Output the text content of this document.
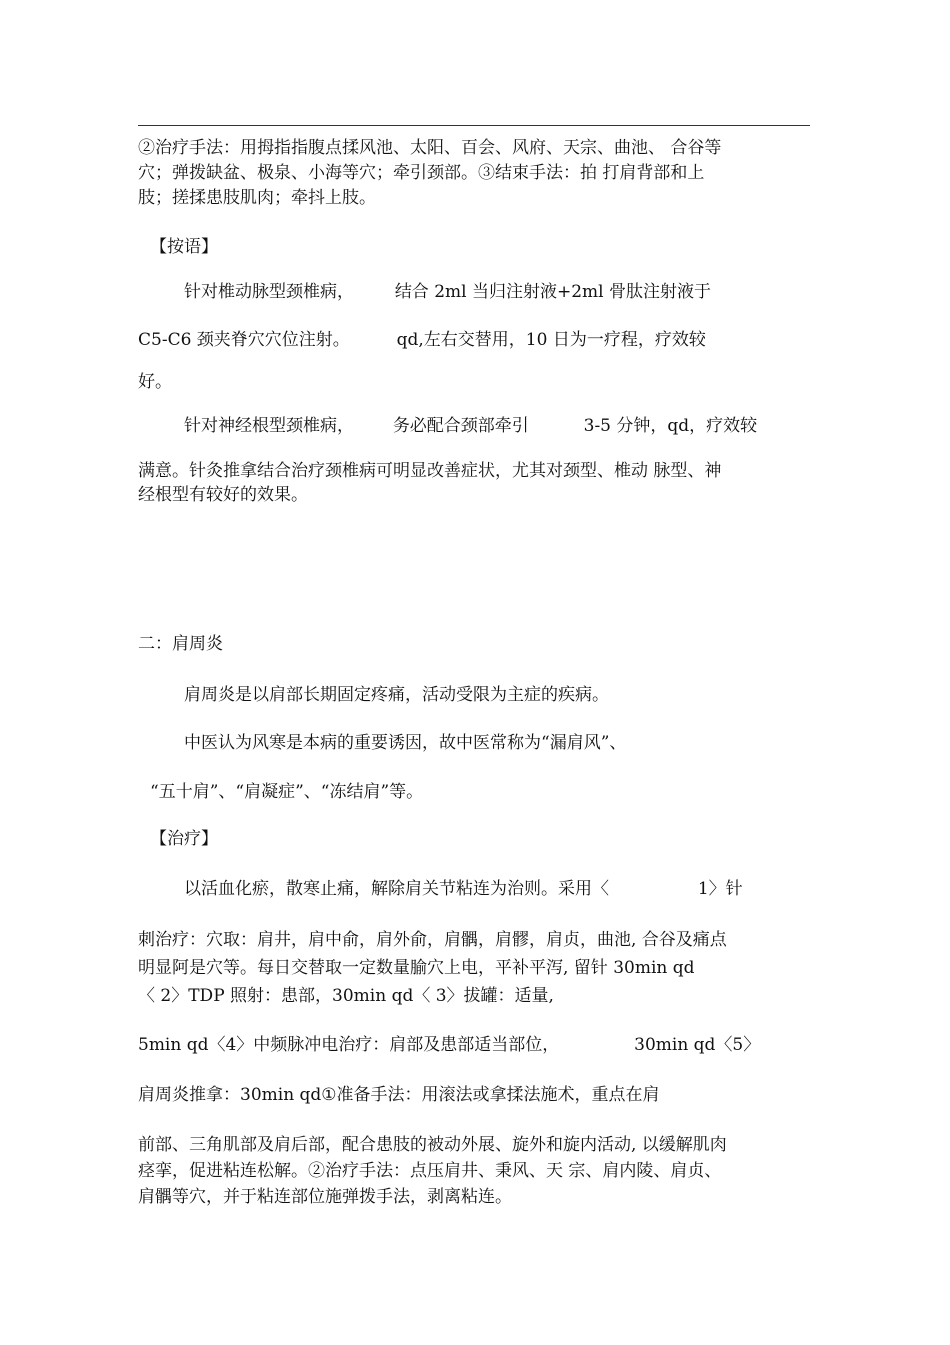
②治疗手法：用拇指指腹点揉风池、太阳、百会、风府、天宗、曲池、 合谷等
穴；弹拨缺盆、极泉、小海等穴；牵引颈部。③结束手法：拍 打肩背部和上
肢；搓揉患肢肌肉；牵抖上肢。
【按语】
针对椎动脉型颈椎病， 结合 2ml 当归注射液+2ml 骨肽注射液于
C5-C6 颈夹脊穴穴位注射。	qd,左右交替用，10 日为一疗程，疗效较
好。
针对神经根型颈椎病， 务必配合颈部牵引	3-5 分钟，qd，疗效较
满意。针灸推拿结合治疗颈椎病可明显改善症状，尤其对颈型、椎动 脉型、神
经根型有较好的效果。
二：肩周炎
肩周炎是以肩部长期固定疼痛，活动受限为主症的疾病。
中医认为风寒是本病的重要诱因，故中医常称为“漏肩风”、
“五十肩”、“肩凝症”、“冻结肩”等。
【治疗】
以活血化瘀，散寒止痛，解除肩关节粘连为治则。采用〈	1〉针
刺治疗：穴取：肩井，肩中俞，肩外俞，肩髃，肩髎，肩贞，曲池, 合谷及痛点
明显阿是穴等。每日交替取一定数量腧穴上电，平补平泻, 留针 30min qd
〈 2〉TDP 照射：患部，30min qd〈 3〉拔罐：适量,
5min qd〈4〉中频脉冲电治疗：肩部及患部适当部位，	30min qd〈5〉
肩周炎推拿：30min qd①准备手法：用滚法或拿揉法施术，重点在肩
前部、三角肌部及肩后部，配合患肢的被动外展、旋外和旋内活动, 以缓解肌肉
痉挛，促进粘连松解。②治疗手法：点压肩井、秉风、天 宗、肩内陵、肩贞、
肩髃等穴，并于粘连部位施弹拨手法，剥离粘连。
